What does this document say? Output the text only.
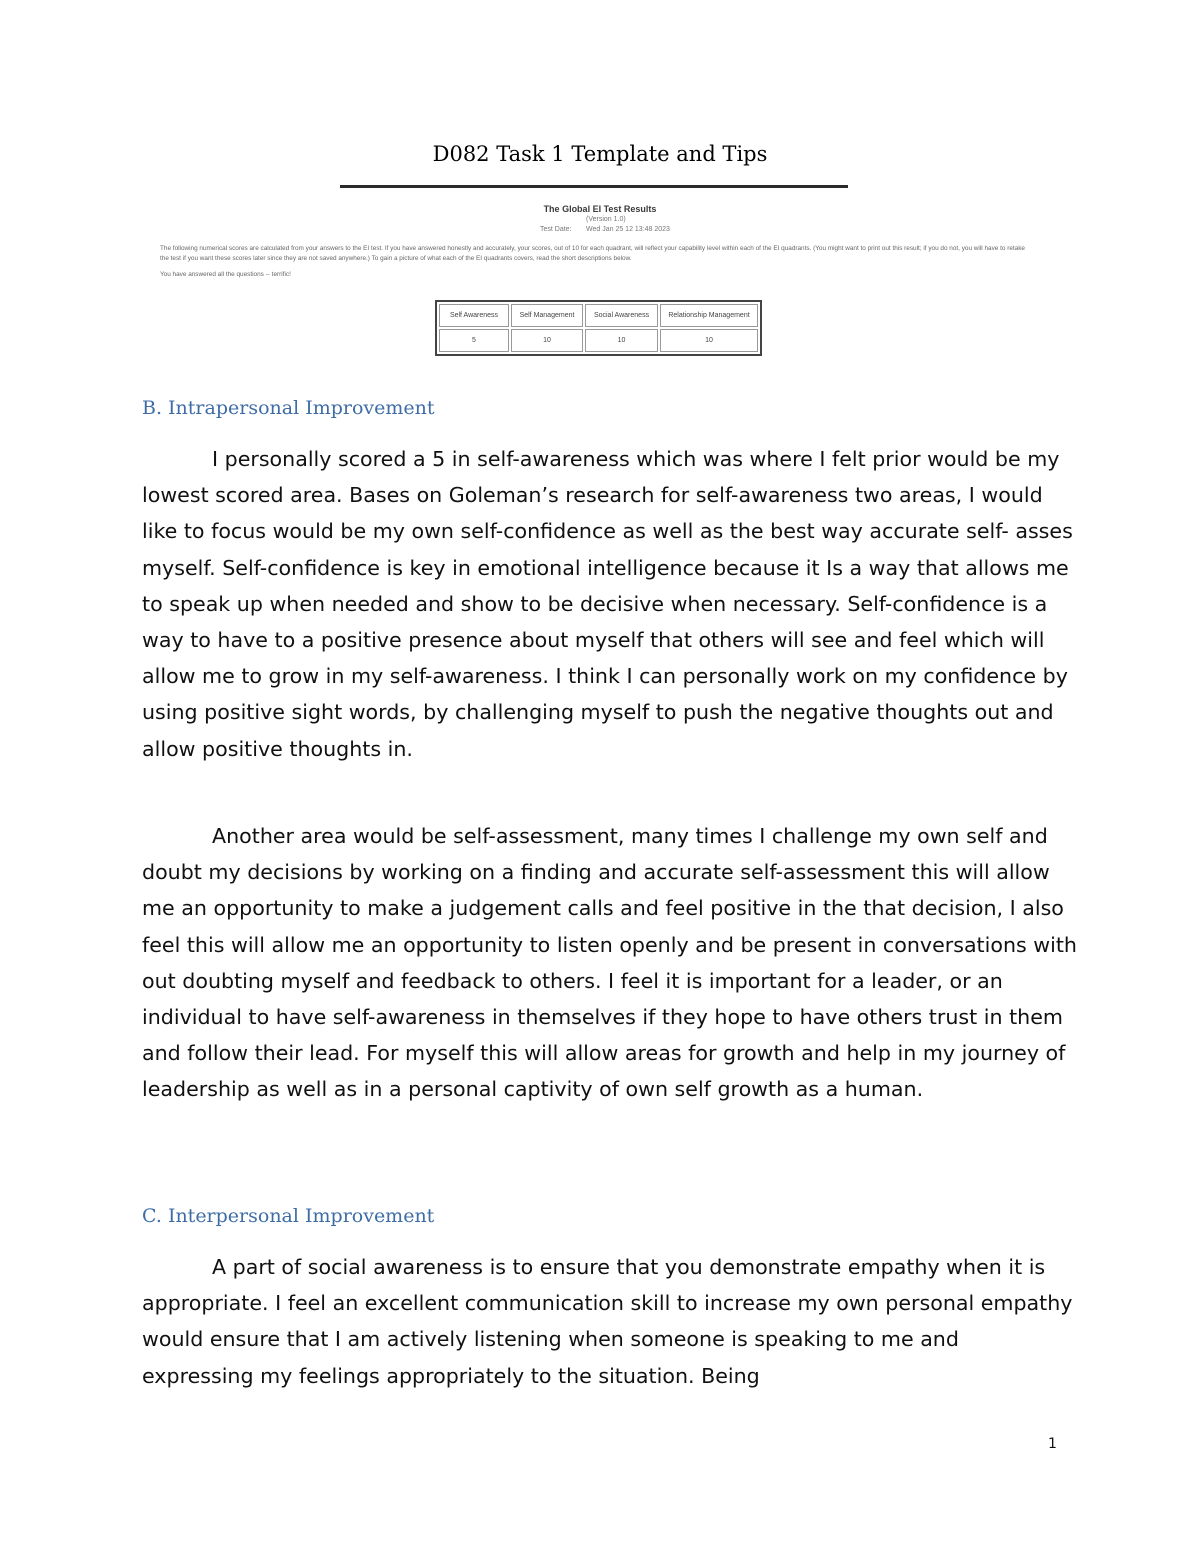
D082 Task 1 Template and Tips
The Global EI Test Results
(Version 1.0)
Test Date: Wed Jan 25 12 13:48 2023
The following numerical scores are calculated from your answers to the EI test. If you have answered honestly and accurately, your scores, out of 10 for each quadrant, will reflect your capability level within each of the EI quadrants. (You might want to print out this result; if you do not, you will have to retake the test if you want these scores later since they are not saved anywhere.) To gain a picture of what each of the EI quadrants covers, read the short descriptions below.
You have answered all the questions -- terrific!
Self Awareness	Self Management	Social Awareness	Relationship Management
5	10	10	10
B. Intrapersonal Improvement

I personally scored a 5 in self-awareness which was where I felt prior would be my lowest scored area. Bases on Goleman’s research for self-awareness two areas, I would like to focus would be my own self-confidence as well as the best way accurate self- asses myself. Self-confidence is key in emotional intelligence because it Is a way that allows me to speak up when needed and show to be decisive when necessary. Self-confidence is a way to have to a positive presence about myself that others will see and feel which will allow me to grow in my self-awareness. I think I can personally work on my confidence by using positive sight words, by challenging myself to push the negative thoughts out and allow positive thoughts in.

Another area would be self-assessment, many times I challenge my own self and doubt my decisions by working on a finding and accurate self-assessment this will allow me an opportunity to make a judgement calls and feel positive in the that decision, I also feel this will allow me an opportunity to listen openly and be present in conversations with out doubting myself and feedback to others. I feel it is important for a leader, or an individual to have self-awareness in themselves if they hope to have others trust in them and follow their lead. For myself this will allow areas for growth and help in my journey of leadership as well as in a personal captivity of own self growth as a human.

C. Interpersonal Improvement

A part of social awareness is to ensure that you demonstrate empathy when it is appropriate. I feel an excellent communication skill to increase my own personal empathy would ensure that I am actively listening when someone is speaking to me and expressing my feelings appropriately to the situation. Being

1
